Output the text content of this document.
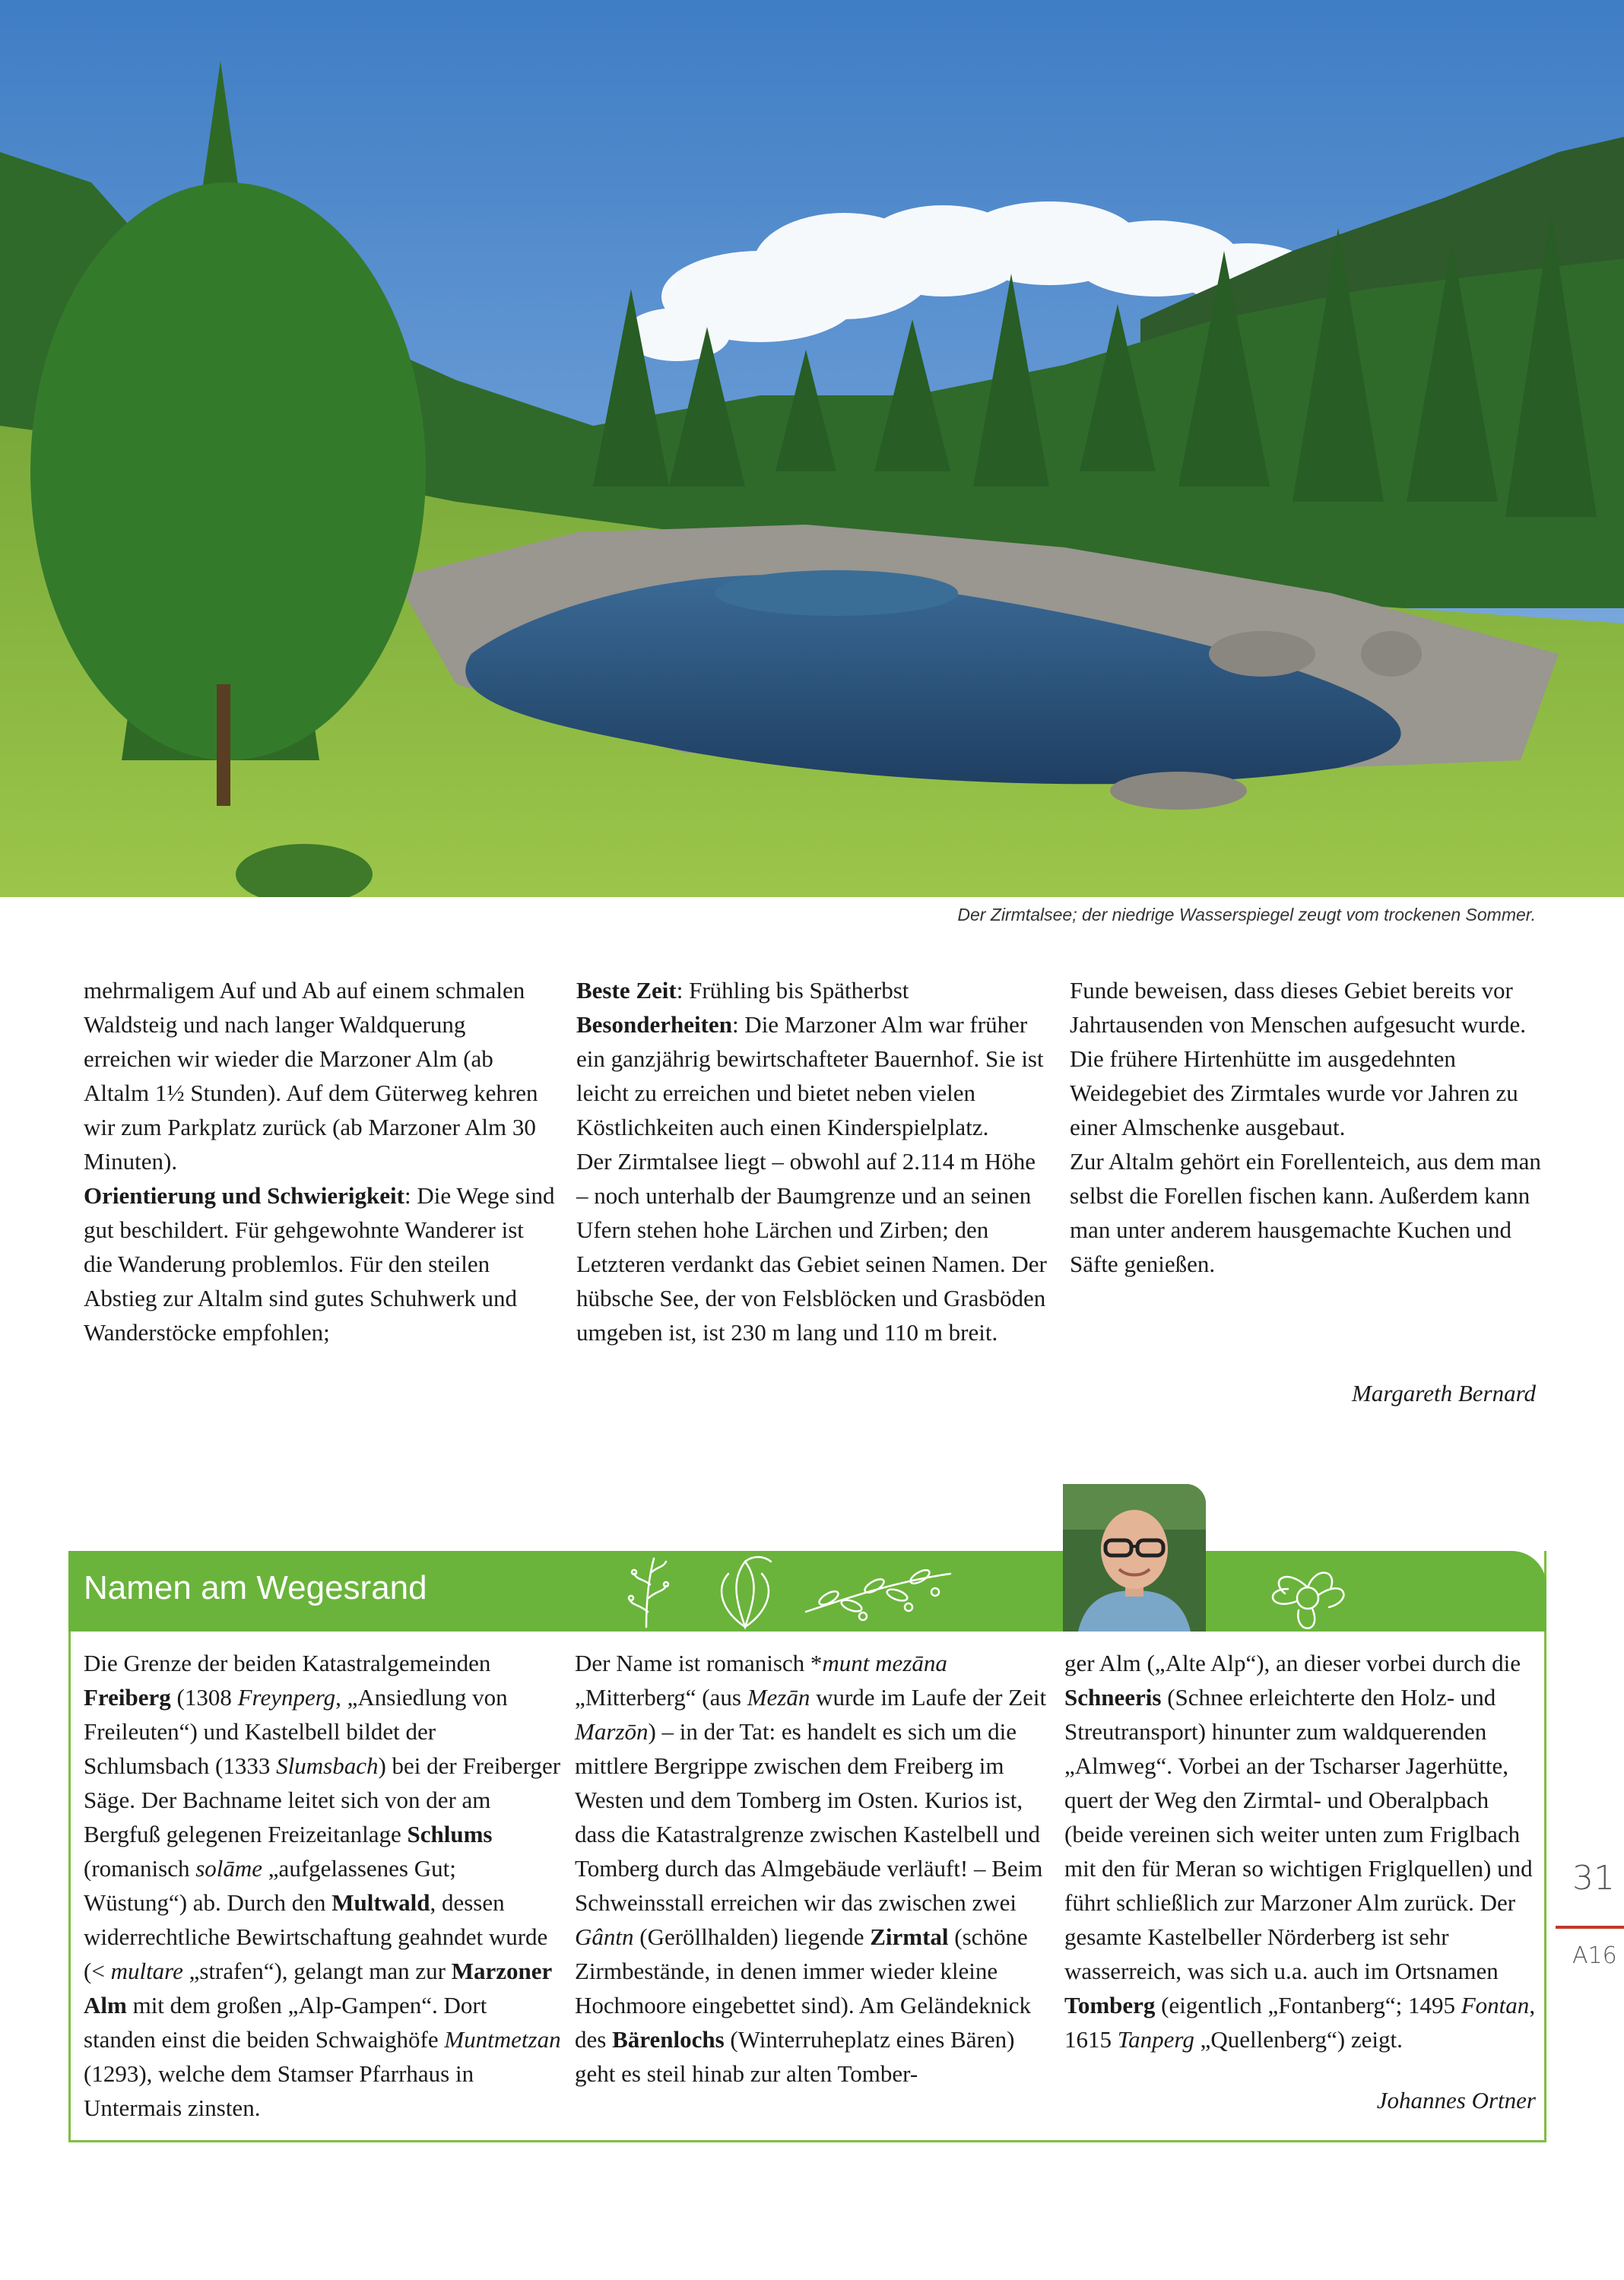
Der Zirmtalsee; der niedrige Wasserspiegel zeugt vom trockenen Sommer.

mehrmaligem Auf und Ab auf einem schmalen Waldsteig und nach langer Waldquerung erreichen wir wieder die Marzoner Alm (ab Altalm 1½ Stunden). Auf dem Güterweg kehren wir zum Parkplatz zurück (ab Marzoner Alm 30 Minuten).

Orientierung und Schwierigkeit: Die Wege sind gut beschildert. Für gehgewohnte Wanderer ist die Wanderung problemlos. Für den steilen Abstieg zur Altalm sind gutes Schuhwerk und Wanderstöcke empfohlen;

Beste Zeit: Frühling bis Spätherbst

Besonderheiten: Die Marzoner Alm war früher ein ganzjährig bewirtschafteter Bauernhof. Sie ist leicht zu erreichen und bietet neben vielen Köstlichkeiten auch einen Kinderspielplatz.

Der Zirmtalsee liegt – obwohl auf 2.114 m Höhe – noch unterhalb der Baumgrenze und an seinen Ufern stehen hohe Lärchen und Zirben; den Letzteren verdankt das Gebiet seinen Namen. Der hübsche See, der von Felsblöcken und Grasböden umgeben ist, ist 230 m lang und 110 m breit.

Funde beweisen, dass dieses Gebiet bereits vor Jahrtausenden von Menschen aufgesucht wurde.

Die frühere Hirtenhütte im ausgedehnten Weidegebiet des Zirmtales wurde vor Jahren zu einer Almschenke ausgebaut.

Zur Altalm gehört ein Forellenteich, aus dem man selbst die Forellen fischen kann. Außerdem kann man unter anderem hausgemachte Kuchen und Säfte genießen.

Margareth Bernard
Namen am Wegesrand

Die Grenze der beiden Katastralgemeinden Freiberg (1308 Freynperg, „Ansiedlung von Freileuten“) und Kastelbell bildet der Schlumsbach (1333 Slumsbach) bei der Freiberger Säge. Der Bachname leitet sich von der am Bergfuß gelegenen Freizeitanlage Schlums (romanisch solāme „aufgelassenes Gut; Wüstung“) ab. Durch den Multwald, dessen widerrechtliche Bewirtschaftung geahndet wurde (< multare „strafen“), gelangt man zur Marzoner Alm mit dem großen „Alp-Gampen“. Dort standen einst die beiden Schwaighöfe Muntmetzan (1293), welche dem Stamser Pfarrhaus in Untermais zinsten.

Der Name ist romanisch *munt mezāna „Mitterberg“ (aus Mezān wurde im Laufe der Zeit Marzōn) – in der Tat: es handelt es sich um die mittlere Bergrippe zwischen dem Freiberg im Westen und dem Tomberg im Osten. Kurios ist, dass die Katastralgrenze zwischen Kastelbell und Tomberg durch das Almgebäude verläuft! – Beim Schweinsstall erreichen wir das zwischen zwei Gântn (Geröllhalden) liegende Zirmtal (schöne Zirmbestände, in denen immer wieder kleine Hochmoore eingebettet sind). Am Geländeknick des Bärenlochs (Winterruheplatz eines Bären) geht es steil hinab zur alten Tomber-

ger Alm („Alte Alp“), an dieser vorbei durch die Schneeris (Schnee erleichterte den Holz- und Streutransport) hinunter zum waldquerenden „Almweg“. Vorbei an der Tscharser Jagerhütte, quert der Weg den Zirmtal- und Oberalpbach (beide vereinen sich weiter unten zum Friglbach mit den für Meran so wichtigen Friglquellen) und führt schließlich zur Marzoner Alm zurück. Der gesamte Kastelbeller Nörderberg ist sehr wasserreich, was sich u.a. auch im Ortsnamen Tomberg (eigentlich „Fontanberg“; 1495 Fontan, 1615 Tanperg „Quellenberg“) zeigt.

Johannes Ortner
31
A16
